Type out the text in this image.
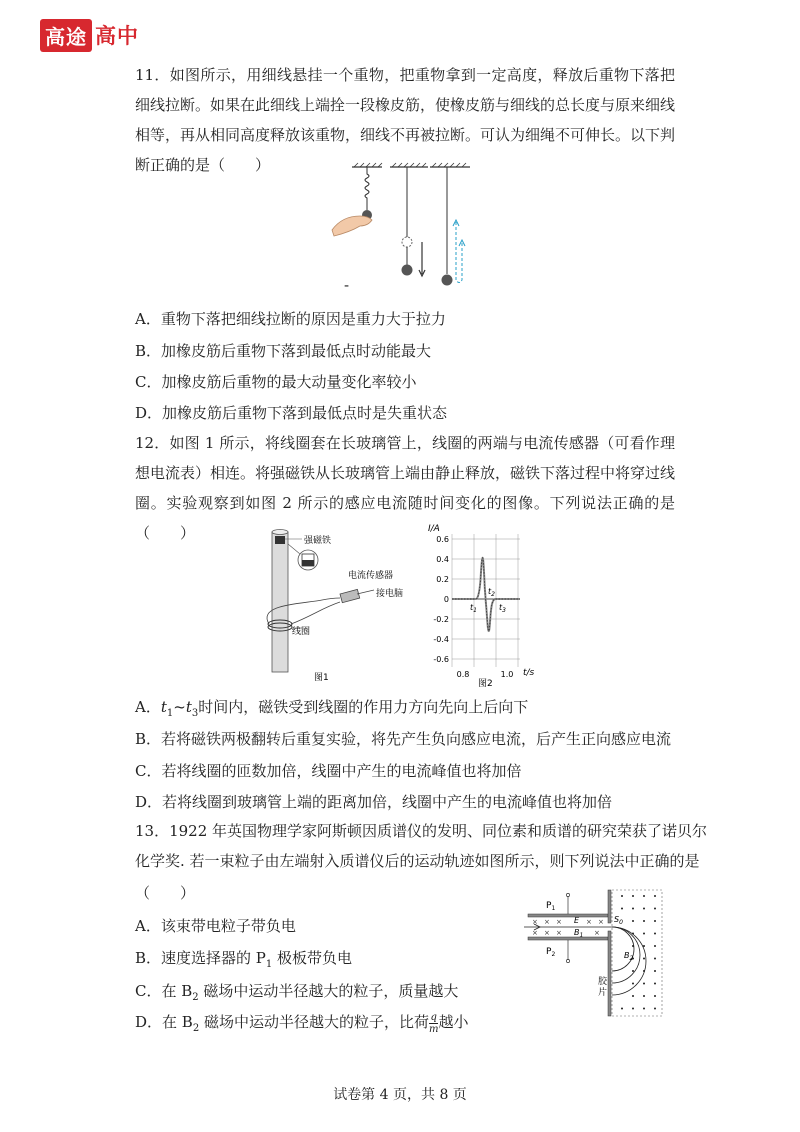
高途 高中
11．如图所示，用细线悬挂一个重物，把重物拿到一定高度，释放后重物下落把细线拉断。如果在此细线上端拴一段橡皮筋，使橡皮筋与细线的总长度与原来细线相等，再从相同高度释放该重物，细线不再被拉断。可认为细绳不可伸长。以下判断正确的是（　　）
-
A．重物下落把细线拉断的原因是重力大于拉力
B．加橡皮筋后重物下落到最低点时动能最大
C．加橡皮筋后重物的最大动量变化率较小
D．加橡皮筋后重物下落到最低点时是失重状态
12．如图 1 所示，将线圈套在长玻璃管上，线圈的两端与电流传感器（可看作理想电流表）相连。将强磁铁从长玻璃管上端由静止释放，磁铁下落过程中将穿过线圈。实验观察到如图 2 所示的感应电流随时间变化的图像。下列说法正确的是（　　）	强磁铁
线圈
电流传感器
接电脑
图1
I/A
0.6
0.4
0.2
0
-0.2
-0.4
-0.6
0.8	1.0
$t_1$
$t_2$
$t_3$
t/s
图2
A．$t_1\sim t_3$时间内，磁铁受到线圈的作用力方向先向上后向下
B．若将磁铁两极翻转后重复实验，将先产生负向感应电流，后产生正向感应电流
C．若将线圈的匝数加倍，线圈中产生的电流峰值也将加倍
D．若将线圈到玻璃管上端的距离加倍，线圈中产生的电流峰值也将加倍
13．1922 年英国物理学家阿斯顿因质谱仪的发明、同位素和质谱的研究荣获了诺贝尔
化学奖. 若一束粒子由左端射入质谱仪后的运动轨迹如图所示，则下列说法中正确的是
（　　）
A．该束带电粒子带负电
B．速度选择器的 $P_1$ 极板带负电
C．在 $B_2$ 磁场中运动半径越大的粒子，质量越大
D．在 $B_2$ 磁场中运动半径越大的粒子，比荷 $\frac{q}{m}$ 越小
$P_1$
$P_2$
× × ×	× ×
× × ×	×
E
$B_1$
$S_0$
$B_2$
胶片
试卷第 4 页，共 8 页
